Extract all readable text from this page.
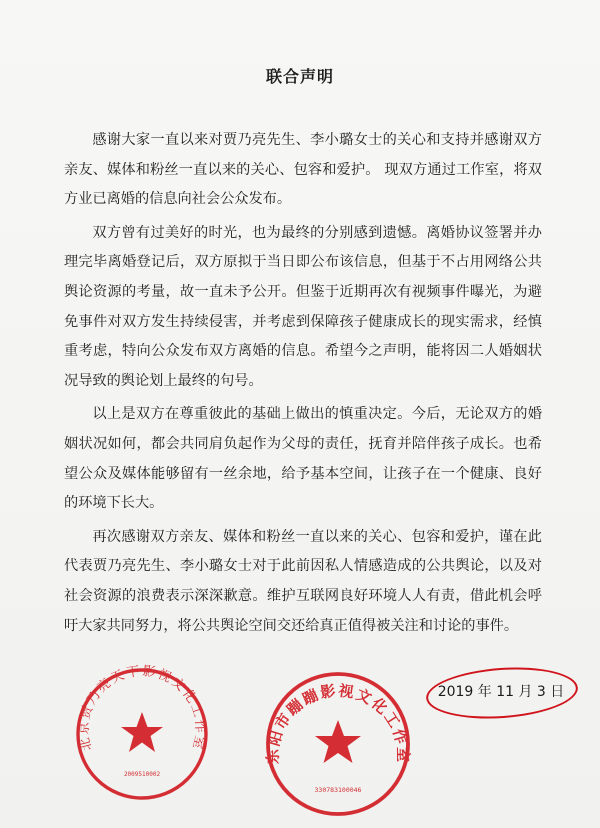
联合声明

感谢大家一直以来对贾乃亮先生、李小璐女士的关心和支持并感谢双方亲友、媒体和粉丝一直以来的关心、包容和爱护。 现双方通过工作室，将双方业已离婚的信息向社会公众发布。

双方曾有过美好的时光，也为最终的分别感到遗憾。离婚协议签署并办理完毕离婚登记后，双方原拟于当日即公布该信息，但基于不占用网络公共舆论资源的考量，故一直未予公开。但鉴于近期再次有视频事件曝光，为避免事件对双方发生持续侵害，并考虑到保障孩子健康成长的现实需求，经慎重考虑，特向公众发布双方离婚的信息。希望今之声明，能将因二人婚姻状况导致的舆论划上最终的句号。

以上是双方在尊重彼此的基础上做出的慎重决定。今后，无论双方的婚姻状况如何，都会共同肩负起作为父母的责任，抚育并陪伴孩子成长。也希望公众及媒体能够留有一丝余地，给予基本空间，让孩子在一个健康、良好的环境下长大。

再次感谢双方亲友、媒体和粉丝一直以来的关心、包容和爱护，谨在此代表贾乃亮先生、李小璐女士对于此前因私人情感造成的公共舆论，以及对社会资源的浪费表示深深歉意。维护互联网良好环境人人有责，借此机会呼吁大家共同努力，将公共舆论空间交还给真正值得被关注和讨论的事件。

2019 年 11 月 3 日
北京贾乃亮天下影视文化工作室
2009510002
东阳市蹦蹦影视文化工作室
330783100046
